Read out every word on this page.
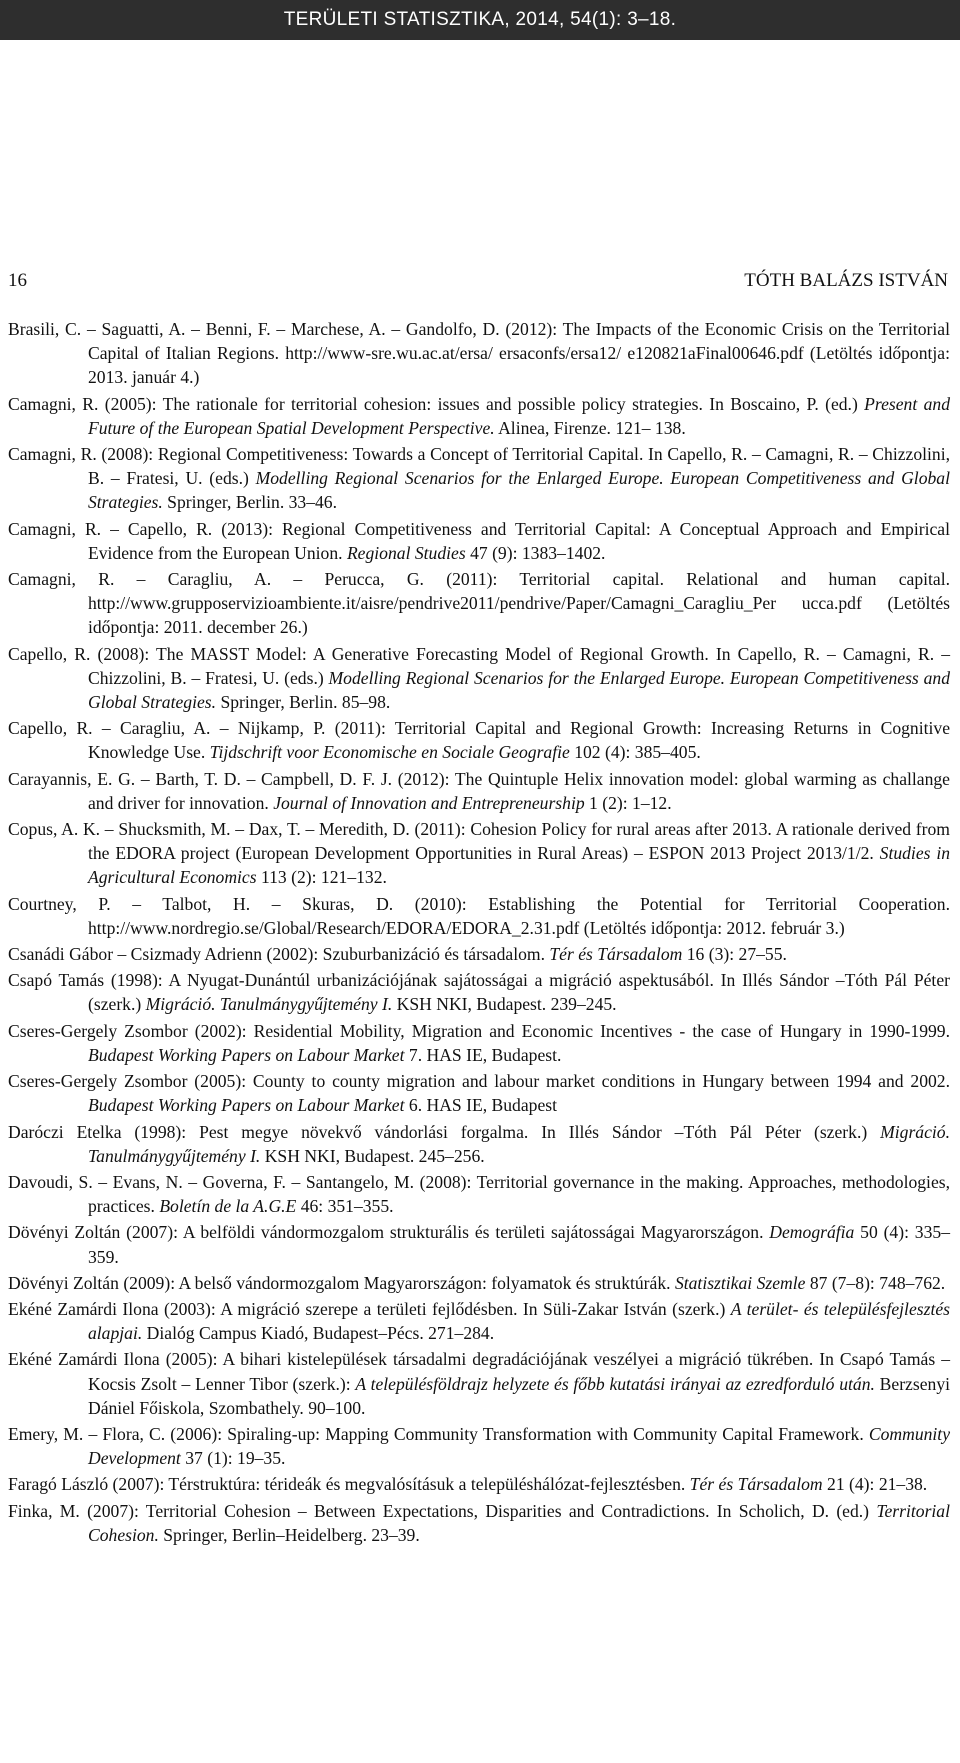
TERÜLETI STATISZTIKA, 2014, 54(1): 3–18.
16	TÓTH BALÁZS ISTVÁN

Brasili, C. ‒ Saguatti, A. ‒ Benni, F. ‒ Marchese, A. ‒ Gandolfo, D. (2012): The Impacts of the Economic Crisis on the Territorial Capital of Italian Regions. http://www-sre.wu.ac.at/ersa/ ersaconfs/ersa12/ e120821aFinal00646.pdf (Letöltés időpontja: 2013. január 4.)

Camagni, R. (2005): The rationale for territorial cohesion: issues and possible policy strategies. In Boscaino, P. (ed.) Present and Future of the European Spatial Development Perspective. Alinea, Firenze. 121‒ 138.

Camagni, R. (2008): Regional Competitiveness: Towards a Concept of Territorial Capital. In Capello, R. ‒ Camagni, R. ‒ Chizzolini, B. ‒ Fratesi, U. (eds.) Modelling Regional Scenarios for the Enlarged Europe. European Competitiveness and Global Strategies. Springer, Berlin. 33‒46.

Camagni, R. ‒ Capello, R. (2013): Regional Competitiveness and Territorial Capital: A Conceptual Approach and Empirical Evidence from the European Union. Regional Studies 47 (9): 1383‒1402.

Camagni, R. ‒ Caragliu, A. ‒ Perucca, G. (2011): Territorial capital. Relational and human capital. http://www.grupposervizioambiente.it/aisre/pendrive2011/pendrive/Paper/Camagni_Caragliu_Per ucca.pdf (Letöltés időpontja: 2011. december 26.)

Capello, R. (2008): The MASST Model: A Generative Forecasting Model of Regional Growth. In Capello, R. ‒ Camagni, R. ‒ Chizzolini, B. ‒ Fratesi, U. (eds.) Modelling Regional Scenarios for the Enlarged Europe. European Competitiveness and Global Strategies. Springer, Berlin. 85‒98.

Capello, R. ‒ Caragliu, A. ‒ Nijkamp, P. (2011): Territorial Capital and Regional Growth: Increasing Returns in Cognitive Knowledge Use. Tijdschrift voor Economische en Sociale Geografie 102 (4): 385‒405.

Carayannis, E. G. ‒ Barth, T. D. ‒ Campbell, D. F. J. (2012): The Quintuple Helix innovation model: global warming as challange and driver for innovation. Journal of Innovation and Entrepreneurship 1 (2): 1‒12.

Copus, A. K. ‒ Shucksmith, M. ‒ Dax, T. ‒ Meredith, D. (2011): Cohesion Policy for rural areas after 2013. A rationale derived from the EDORA project (European Development Opportunities in Rural Areas) ‒ ESPON 2013 Project 2013/1/2. Studies in Agricultural Economics 113 (2): 121‒132.

Courtney, P. ‒ Talbot, H. ‒ Skuras, D. (2010): Establishing the Potential for Territorial Cooperation. http://www.nordregio.se/Global/Research/EDORA/EDORA_2.31.pdf (Letöltés időpontja: 2012. február 3.)

Csanádi Gábor ‒ Csizmady Adrienn (2002): Szuburbanizáció és társadalom. Tér és Társadalom 16 (3): 27‒55.

Csapó Tamás (1998): A Nyugat-Dunántúl urbanizációjának sajátosságai a migráció aspektusából. In Illés Sándor ‒Tóth Pál Péter (szerk.) Migráció. Tanulmánygyűjtemény I. KSH NKI, Budapest. 239‒245.

Cseres-Gergely Zsombor (2002): Residential Mobility, Migration and Economic Incentives - the case of Hungary in 1990-1999. Budapest Working Papers on Labour Market 7. HAS IE, Budapest.

Cseres-Gergely Zsombor (2005): County to county migration and labour market conditions in Hungary between 1994 and 2002. Budapest Working Papers on Labour Market 6. HAS IE, Budapest

Daróczi Etelka (1998): Pest megye növekvő vándorlási forgalma. In Illés Sándor ‒Tóth Pál Péter (szerk.) Migráció. Tanulmánygyűjtemény I. KSH NKI, Budapest. 245‒256.

Davoudi, S. ‒ Evans, N. ‒ Governa, F. ‒ Santangelo, M. (2008): Territorial governance in the making. Approaches, methodologies, practices. Boletín de la A.G.E 46: 351‒355.

Dövényi Zoltán (2007): A belföldi vándormozgalom strukturális és területi sajátosságai Magyarországon. Demográfia 50 (4): 335‒359.

Dövényi Zoltán (2009): A belső vándormozgalom Magyarországon: folyamatok és struktúrák. Statisztikai Szemle 87 (7‒8): 748‒762.

Ekéné Zamárdi Ilona (2003): A migráció szerepe a területi fejlődésben. In Süli-Zakar István (szerk.) A terület- és településfejlesztés alapjai. Dialóg Campus Kiadó, Budapest‒Pécs. 271‒284.

Ekéné Zamárdi Ilona (2005): A bihari kistelepülések társadalmi degradációjának veszélyei a migráció tükrében. In Csapó Tamás ‒ Kocsis Zsolt ‒ Lenner Tibor (szerk.): A településföldrajz helyzete és főbb kutatási irányai az ezredforduló után. Berzsenyi Dániel Főiskola, Szombathely. 90‒100.

Emery, M. ‒ Flora, C. (2006): Spiraling-up: Mapping Community Transformation with Community Capital Framework. Community Development 37 (1): 19‒35.

Faragó László (2007): Térstruktúra: térideák és megvalósításuk a településhálózat-fejlesztésben. Tér és Társadalom 21 (4): 21‒38.

Finka, M. (2007): Territorial Cohesion ‒ Between Expectations, Disparities and Contradictions. In Scholich, D. (ed.) Territorial Cohesion. Springer, Berlin‒Heidelberg. 23‒39.
